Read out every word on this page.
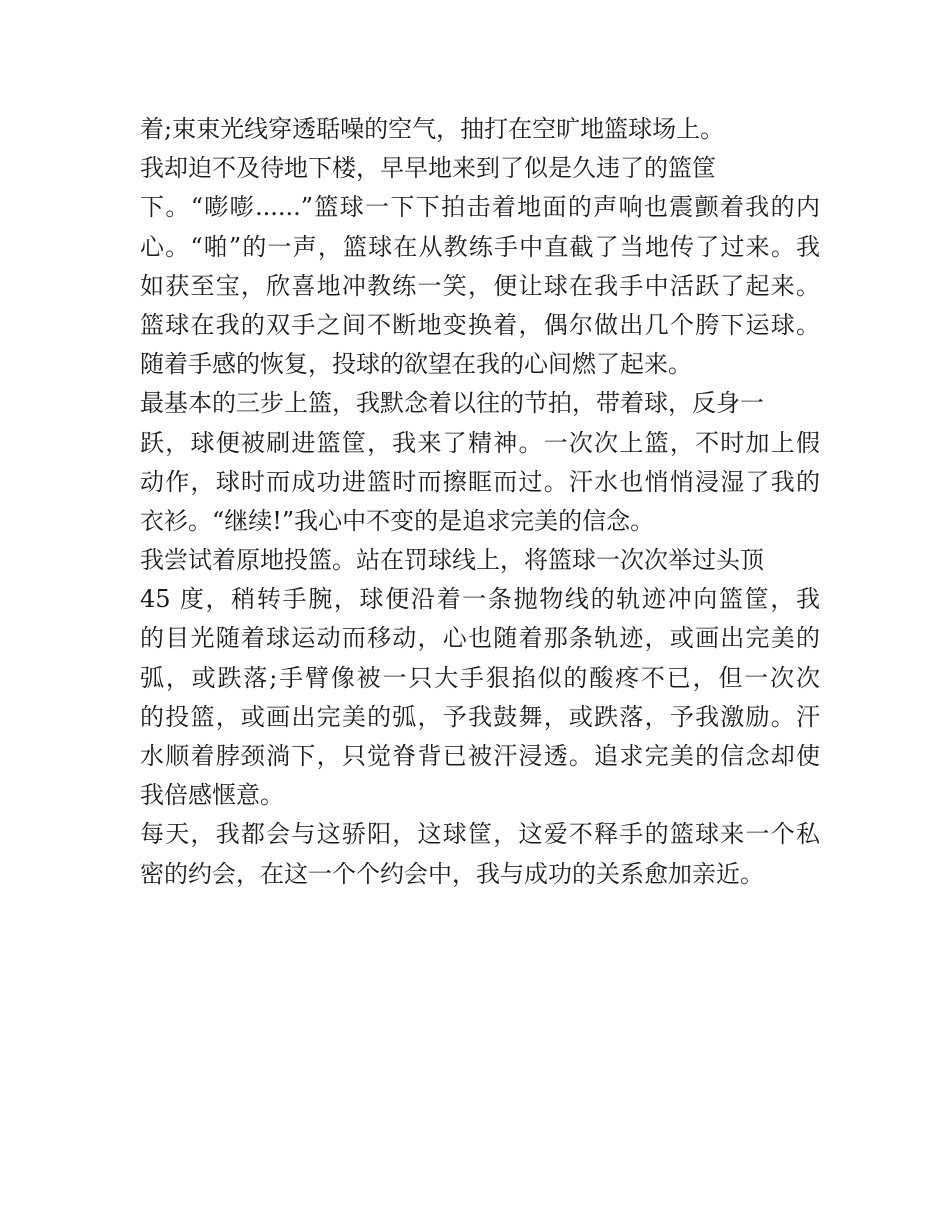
着;束束光线穿透聒噪的空气，抽打在空旷地篮球场上。
我却迫不及待地下楼，早早地来到了似是久违了的篮筐
下。“嘭嘭......”篮球一下下拍击着地面的声响也震颤着我的内
心。“啪”的一声，篮球在从教练手中直截了当地传了过来。我
如获至宝，欣喜地冲教练一笑，便让球在我手中活跃了起来。
篮球在我的双手之间不断地变换着，偶尔做出几个胯下运球。
随着手感的恢复，投球的欲望在我的心间燃了起来。
最基本的三步上篮，我默念着以往的节拍，带着球，反身一
跃，球便被刷进篮筐，我来了精神。一次次上篮，不时加上假
动作，球时而成功进篮时而擦眶而过。汗水也悄悄浸湿了我的
衣衫。“继续!”我心中不变的是追求完美的信念。
我尝试着原地投篮。站在罚球线上，将篮球一次次举过头顶
45 度，稍转手腕，球便沿着一条抛物线的轨迹冲向篮筐，我
的目光随着球运动而移动，心也随着那条轨迹，或画出完美的
弧，或跌落;手臂像被一只大手狠掐似的酸疼不已，但一次次
的投篮，或画出完美的弧，予我鼓舞，或跌落，予我激励。汗
水顺着脖颈淌下，只觉脊背已被汗浸透。追求完美的信念却使
我倍感惬意。
每天，我都会与这骄阳，这球筐，这爱不释手的篮球来一个私
密的约会，在这一个个约会中，我与成功的关系愈加亲近。
